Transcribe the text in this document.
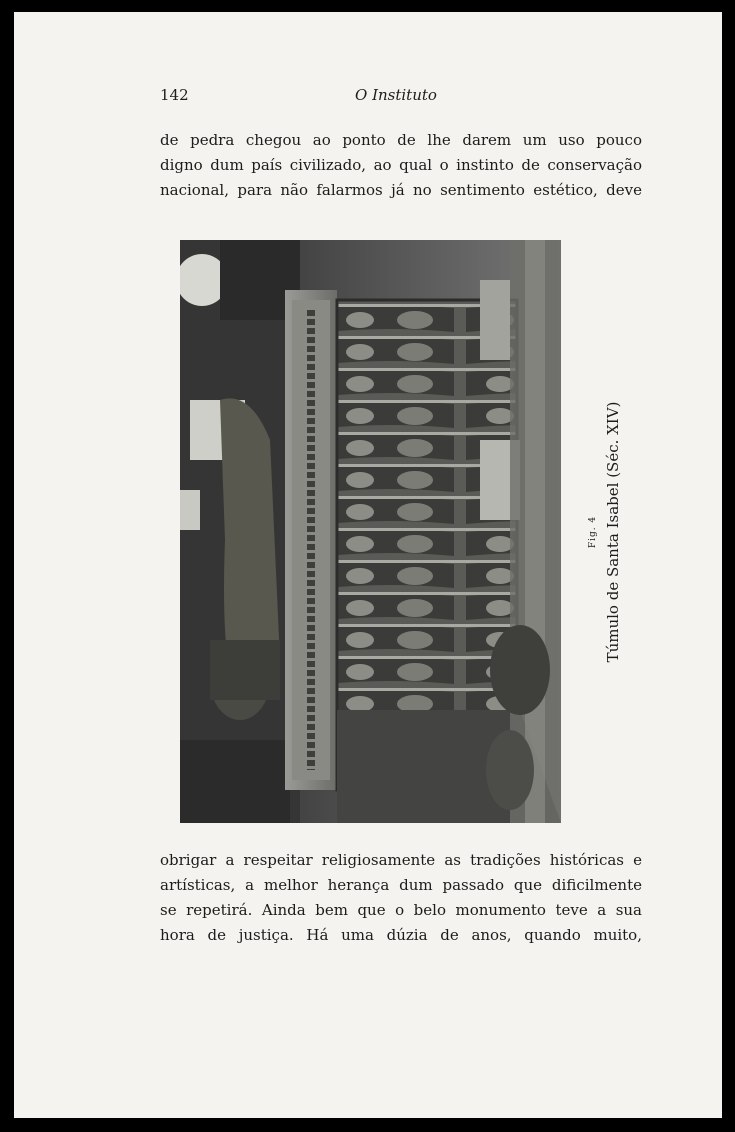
142	O Instituto

de pedra chegou ao ponto de lhe darem um uso pouco
digno dum país civilizado, ao qual o instinto de conservação
nacional, para não falarmos já no sentimento estético, deve

Fig. 4 Túmulo de Santa Isabel (Séc. XIV)

obrigar a respeitar religiosamente as tradições históricas e
artísticas, a melhor herança dum passado que dificilmente
se repetirá. Ainda bem que o belo monumento teve a sua
hora de justiça. Há uma dúzia de anos, quando muito,
